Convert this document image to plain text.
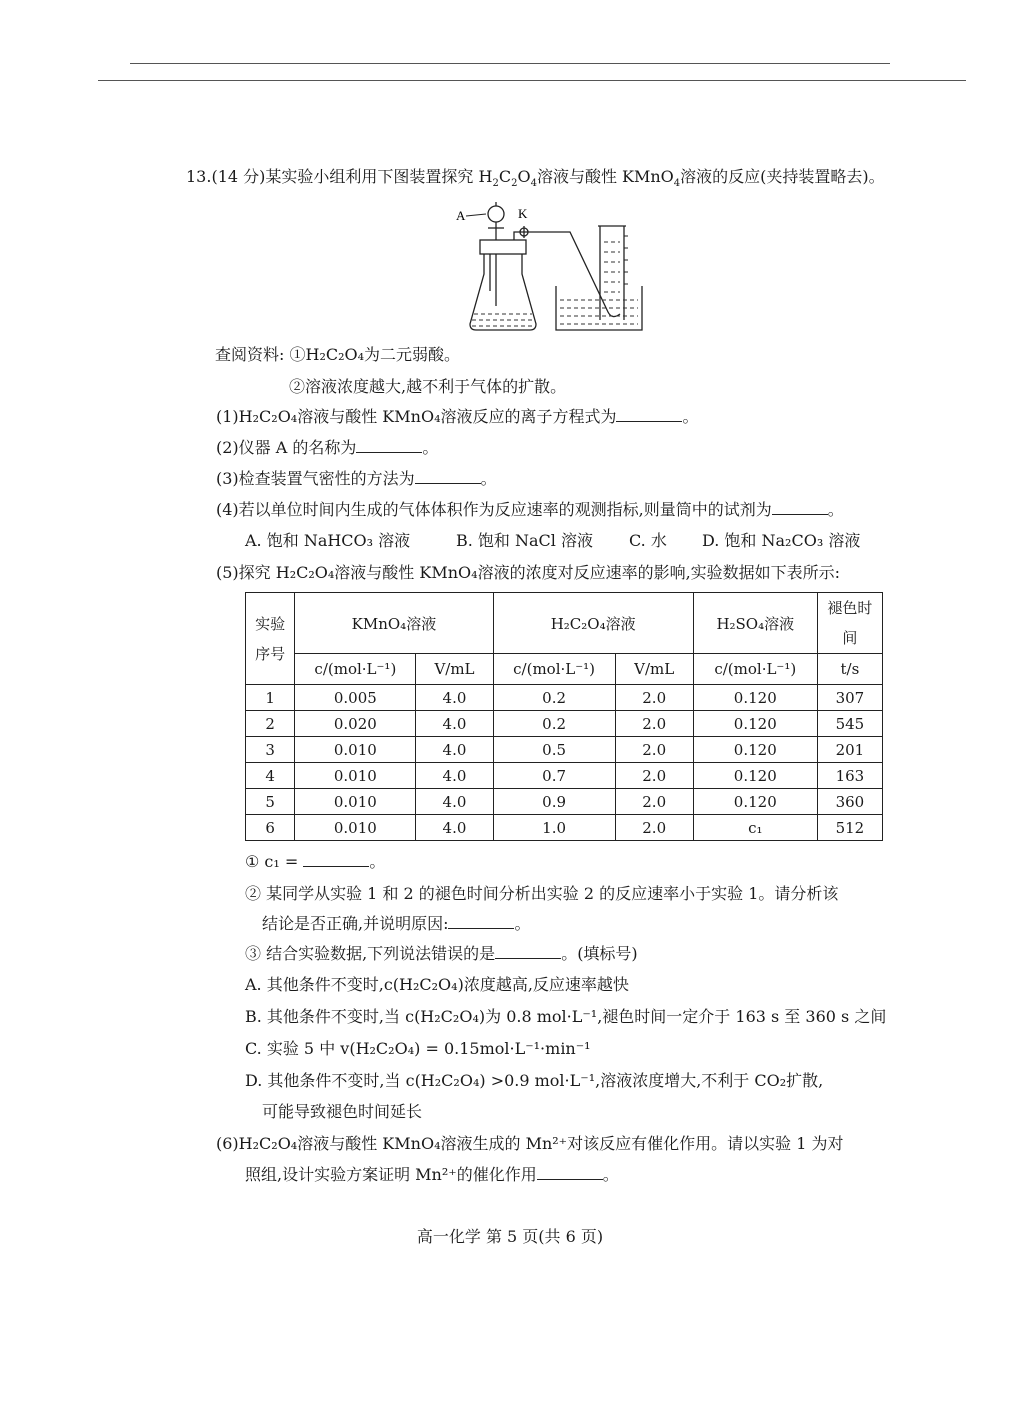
13.(14 分)某实验小组利用下图装置探究 $H_2C_2O_4$溶液与酸性 KMnO$_4$溶液的反应(夹持装置略去)。
A	K
查阅资料: ①H₂C₂O₄为二元弱酸。
②溶液浓度越大,越不利于气体的扩散。
(1)H₂C₂O₄溶液与酸性 KMnO₄溶液反应的离子方程式为	。
(2)仪器 A 的名称为	。
(3)检查装置气密性的方法为	。
(4)若以单位时间内生成的气体体积作为反应速率的观测指标,则量筒中的试剂为	。
A. 饱和 NaHCO₃ 溶液	B. 饱和 NaCl 溶液 C. 水 D. 饱和 Na₂CO₃ 溶液
(5)探究 H₂C₂O₄溶液与酸性 KMnO₄溶液的浓度对反应速率的影响,实验数据如下表所示:
实验序号	KMnO₄溶液		H₂C₂O₄溶液		H₂SO₄溶液	褪色时间
	c/(mol·L⁻¹)	V/mL	c/(mol·L⁻¹)	V/mL	c/(mol·L⁻¹)	t/s
1	0.005	4.0	0.2	2.0	0.120	307
2	0.020	4.0	0.2	2.0	0.120	545
3	0.010	4.0	0.5	2.0	0.120	201
4	0.010	4.0	0.7	2.0	0.120	163
5	0.010	4.0	0.9	2.0	0.120	360
6	0.010	4.0	1.0	2.0	c₁	512
① c₁ =	。
② 某同学从实验 1 和 2 的褪色时间分析出实验 2 的反应速率小于实验 1。请分析该
结论是否正确,并说明原因:	。
③ 结合实验数据,下列说法错误的是	。(填标号)
A. 其他条件不变时,c(H₂C₂O₄)浓度越高,反应速率越快
B. 其他条件不变时,当 c(H₂C₂O₄)为 0.8 mol·L⁻¹,褪色时间一定介于 163 s 至 360 s 之间
C. 实验 5 中 v(H₂C₂O₄) = 0.15mol·L⁻¹·min⁻¹
D. 其他条件不变时,当 c(H₂C₂O₄) >0.9 mol·L⁻¹,溶液浓度增大,不利于 CO₂扩散,
可能导致褪色时间延长
(6)H₂C₂O₄溶液与酸性 KMnO₄溶液生成的 Mn²⁺对该反应有催化作用。请以实验 1 为对
照组,设计实验方案证明 Mn²⁺的催化作用	。
高一化学 第 5 页(共 6 页)
